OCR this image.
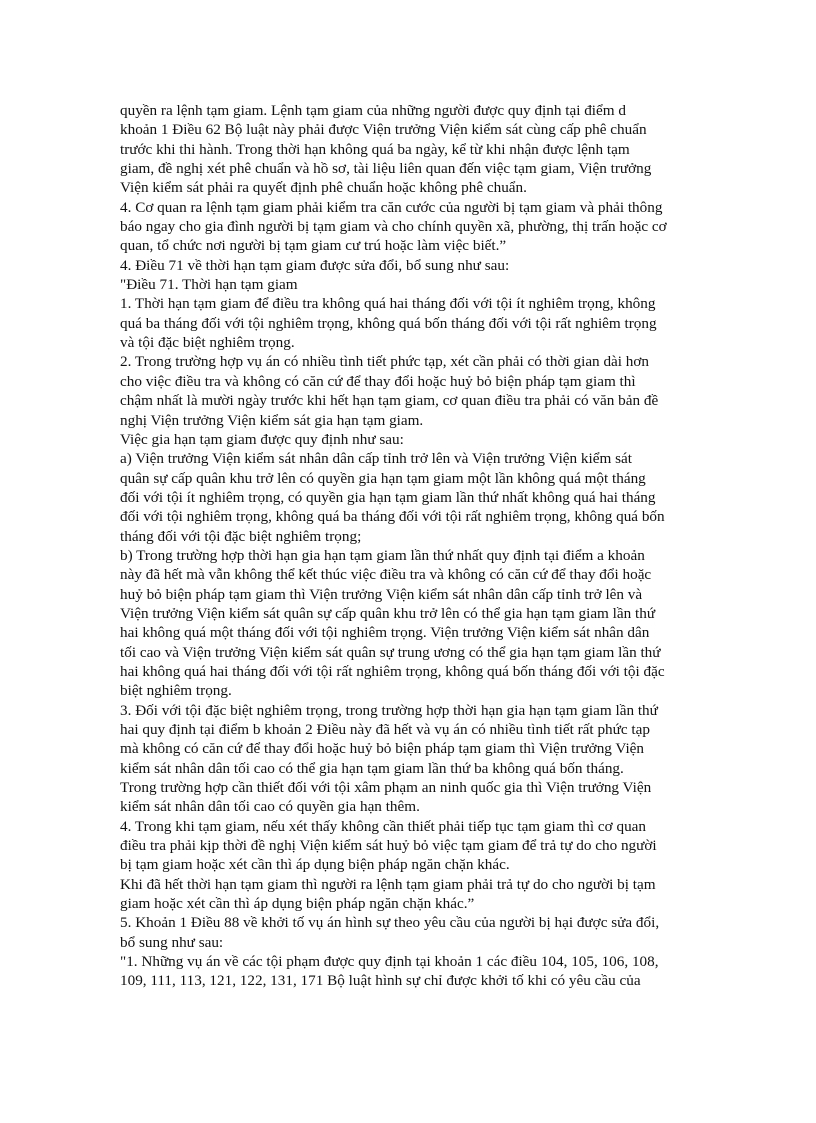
quyền ra lệnh tạm giam. Lệnh tạm giam của những người được quy định tại điểm d
khoản 1 Điều 62 Bộ luật này phải được Viện trưởng Viện kiểm sát cùng cấp phê chuẩn
trước khi thi hành. Trong thời hạn không quá ba ngày, kể từ khi nhận được lệnh tạm
giam, đề nghị xét phê chuẩn và hồ sơ, tài liệu liên quan đến việc tạm giam, Viện trưởng
Viện kiểm sát phải ra quyết định phê chuẩn hoặc không phê chuẩn.
4. Cơ quan ra lệnh tạm giam phải kiểm tra căn cước của người bị tạm giam và phải thông
báo ngay cho gia đình người bị tạm giam và cho chính quyền xã, phường, thị trấn hoặc cơ
quan, tổ chức nơi người bị tạm giam cư trú hoặc làm việc biết.”
4. Điều 71 về thời hạn tạm giam được sửa đổi, bổ sung như sau:
"Điều 71. Thời hạn tạm giam
1. Thời hạn tạm giam để điều tra không quá hai tháng đối với tội ít nghiêm trọng, không
quá ba tháng đối với tội nghiêm trọng, không quá bốn tháng đối với tội rất nghiêm trọng
và tội đặc biệt nghiêm trọng.
2. Trong trường hợp vụ án có nhiều tình tiết phức tạp, xét cần phải có thời gian dài hơn
cho việc điều tra và không có căn cứ để thay đổi hoặc huỷ bỏ biện pháp tạm giam thì
chậm nhất là mười ngày trước khi hết hạn tạm giam, cơ quan điều tra phải có văn bản đề
nghị Viện trưởng Viện kiểm sát gia hạn tạm giam.
Việc gia hạn tạm giam được quy định như sau:
a) Viện trưởng Viện kiểm sát nhân dân cấp tỉnh trở lên và Viện trưởng Viện kiểm sát
quân sự cấp quân khu trở lên có quyền gia hạn tạm giam một lần không quá một tháng
đối với tội ít nghiêm trọng, có quyền gia hạn tạm giam lần thứ nhất không quá hai tháng
đối với tội nghiêm trọng, không quá ba tháng đối với tội rất nghiêm trọng, không quá bốn
tháng đối với tội đặc biệt nghiêm trọng;
b) Trong trường hợp thời hạn gia hạn tạm giam lần thứ nhất quy định tại điểm a khoản
này đã hết mà vẫn không thể kết thúc việc điều tra và không có căn cứ để thay đổi hoặc
huỷ bỏ biện pháp tạm giam thì Viện trưởng Viện kiểm sát nhân dân cấp tỉnh trở lên và
Viện trưởng Viện kiểm sát quân sự cấp quân khu trở lên có thể gia hạn tạm giam lần thứ
hai không quá một tháng đối với tội nghiêm trọng. Viện trưởng Viện kiểm sát nhân dân
tối cao và Viện trưởng Viện kiểm sát quân sự trung ương có thể gia hạn tạm giam lần thứ
hai không quá hai tháng đối với tội rất nghiêm trọng, không quá bốn tháng đối với tội đặc
biệt nghiêm trọng.
3. Đối với tội đặc biệt nghiêm trọng, trong trường hợp thời hạn gia hạn tạm giam lần thứ
hai quy định tại điểm b khoản 2 Điều này đã hết và vụ án có nhiều tình tiết rất phức tạp
mà không có căn cứ để thay đổi hoặc huỷ bỏ biện pháp tạm giam thì Viện trưởng Viện
kiểm sát nhân dân tối cao có thể gia hạn tạm giam lần thứ ba không quá bốn tháng.
Trong trường hợp cần thiết đối với tội xâm phạm an ninh quốc gia thì Viện trưởng Viện
kiểm sát nhân dân tối cao có quyền gia hạn thêm.
4. Trong khi tạm giam, nếu xét thấy không cần thiết phải tiếp tục tạm giam thì cơ quan
điều tra phải kịp thời đề nghị Viện kiểm sát huỷ bỏ việc tạm giam để trả tự do cho người
bị tạm giam hoặc xét cần thì áp dụng biện pháp ngăn chặn khác.
Khi đã hết thời hạn tạm giam thì người ra lệnh tạm giam phải trả tự do cho người bị tạm
giam hoặc xét cần thì áp dụng biện pháp ngăn chặn khác.”
5. Khoản 1 Điều 88 về khởi tố vụ án hình sự theo yêu cầu của người bị hại được sửa đổi,
bổ sung như sau:
"1. Những vụ án về các tội phạm được quy định tại khoản 1 các điều 104, 105, 106, 108,
109, 111, 113, 121, 122, 131, 171 Bộ luật hình sự chỉ được khởi tố khi có yêu cầu của
